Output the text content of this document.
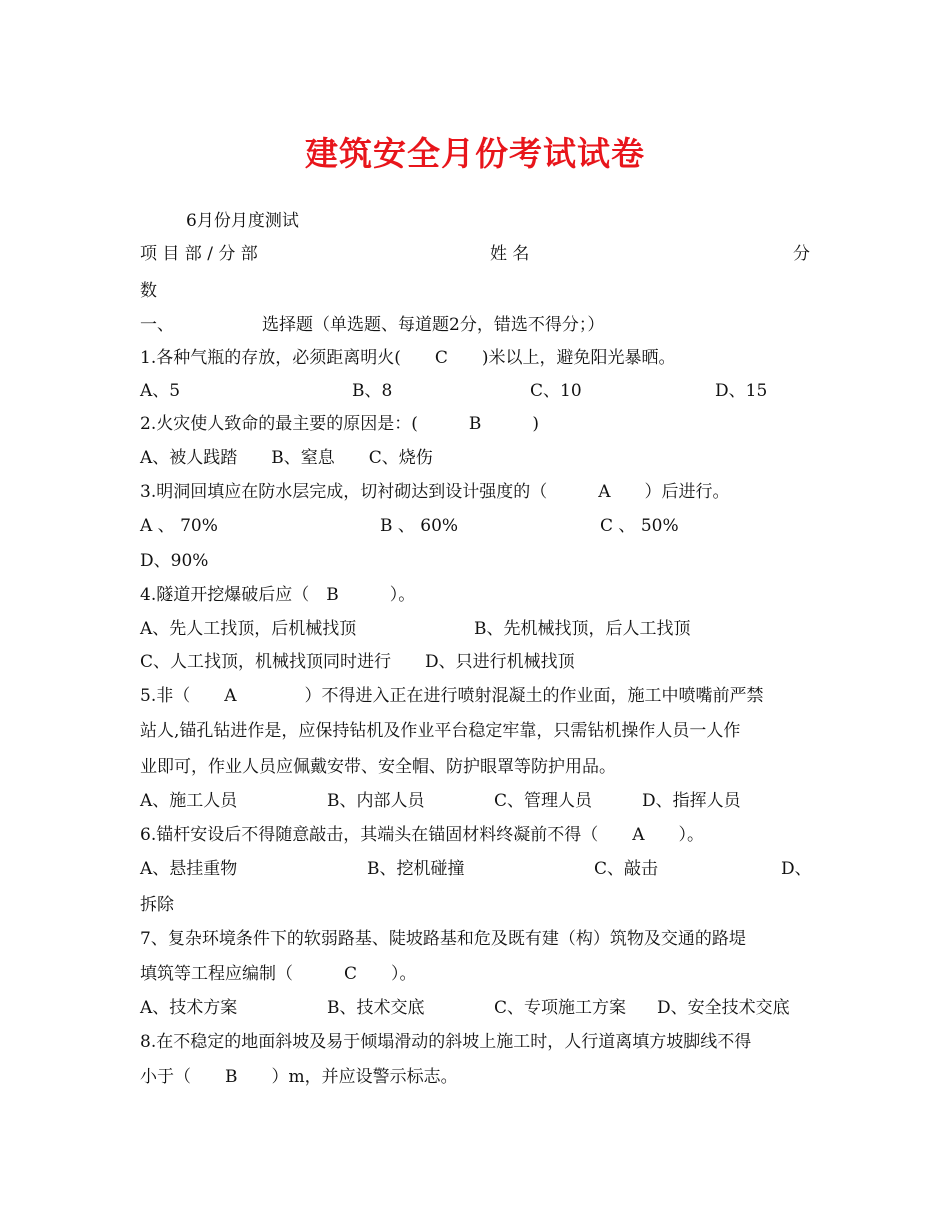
建筑安全月份考试试卷
6月份月度测试
项 目 部 / 分 部	姓 名	分
数
一、	选择题（单选题、每道题2分，错选不得分；）
1.各种气瓶的存放，必须距离明火(　　C　　)米以上，避免阳光暴晒。
A、5	B、8	C、10	D、15
2.火灾使人致命的最主要的原因是：(　　　B　　　)
A、被人践踏　　B、窒息　　C、烧伤
3.明洞回填应在防水层完成，切衬砌达到设计强度的（　　　A　　）后进行。
A 、 70%	B 、 60%	C 、 50%
D、90%
4.隧道开挖爆破后应（　B　　　）。
A、先人工找顶，后机械找顶	B、先机械找顶，后人工找顶
C、人工找顶，机械找顶同时进行　　D、只进行机械找顶
5.非（　　A　　　　）不得进入正在进行喷射混凝土的作业面，施工中喷嘴前严禁
站人,锚孔钻进作是，应保持钻机及作业平台稳定牢靠，只需钻机操作人员一人作
业即可，作业人员应佩戴安带、安全帽、防护眼罩等防护用品。
A、施工人员	B、内部人员	C、管理人员	D、指挥人员
6.锚杆安设后不得随意敲击，其端头在锚固材料终凝前不得（　　A　　）。
A、悬挂重物	B、挖机碰撞	C、敲击	D、
拆除
7、复杂环境条件下的软弱路基、陡坡路基和危及既有建（构）筑物及交通的路堤
填筑等工程应编制（　　　C　　）。
A、技术方案	B、技术交底	C、专项施工方案 D、安全技术交底
8.在不稳定的地面斜坡及易于倾塌滑动的斜坡上施工时，人行道离填方坡脚线不得
小于（　　B　　）m，并应设警示标志。
